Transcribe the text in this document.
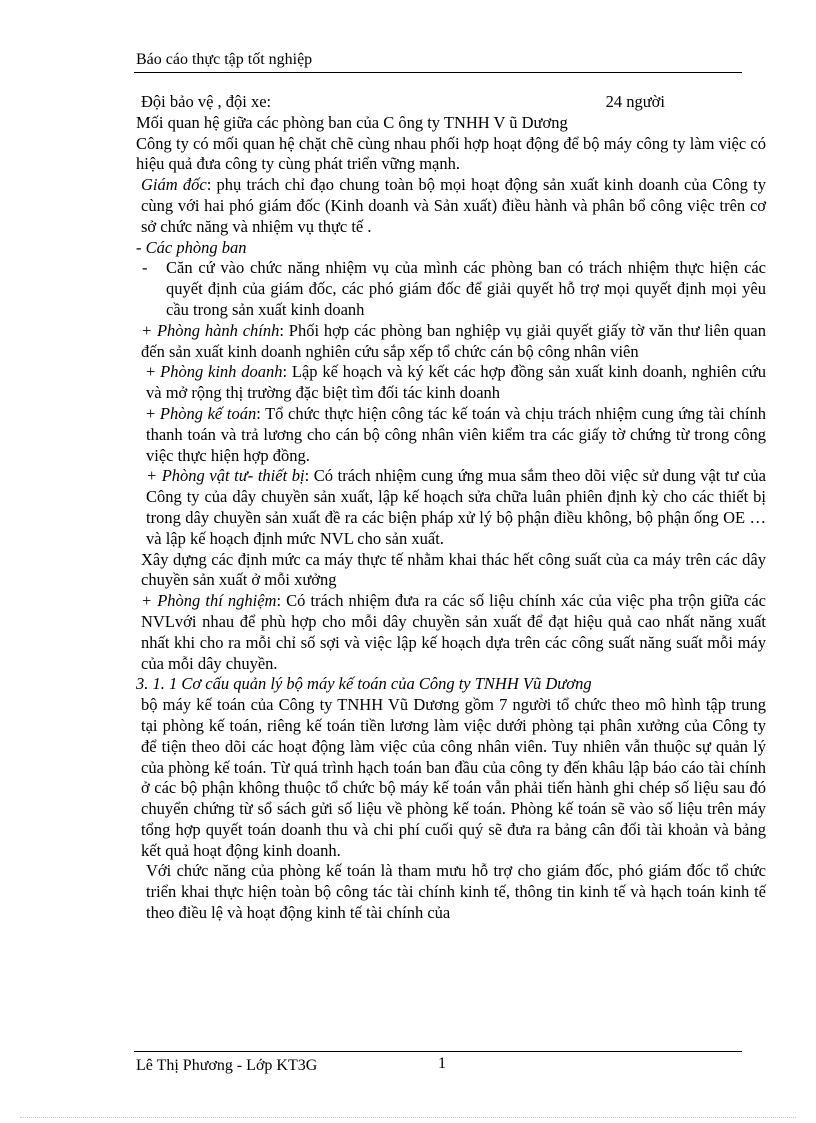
Báo cáo thực tập tốt nghiệp

Đội bảo vệ , đội xe:	24 người

Mối quan hệ giữa các phòng ban của C ông ty TNHH V ũ Dương

Công ty có mối quan hệ chặt chẽ cùng nhau phối hợp hoạt động để bộ máy công ty làm việc có hiệu quả đưa công ty cùng phát triển vững mạnh.

Giám đốc: phụ trách chỉ đạo chung toàn bộ mọi hoạt động sản xuất kinh doanh của Công ty cùng với hai phó giám đốc (Kinh doanh và Sản xuất) điều hành và phân bổ công việc trên cơ sở chức năng và nhiệm vụ thực tế .

- Các phòng ban

-	Căn cứ vào chức năng nhiệm vụ của mình các phòng ban có trách nhiệm thực hiện các quyết định của giám đốc, các phó giám đốc để giải quyết hỗ trợ mọi quyết định mọi yêu cầu trong sản xuất kinh doanh

+ Phòng hành chính: Phối hợp các phòng ban nghiệp vụ giải quyết giấy tờ văn thư liên quan đến sản xuất kinh doanh nghiên cứu sắp xếp tổ chức cán bộ công nhân viên

+ Phòng kinh doanh: Lập kế hoạch và ký kết các hợp đồng sản xuất kinh doanh, nghiên cứu và mở rộng thị trường đặc biệt tìm đối tác kinh doanh

+ Phòng kế toán: Tổ chức thực hiện công tác kế toán và chịu trách nhiệm cung ứng tài chính thanh toán và trả lương cho cán bộ công nhân viên kiểm tra các giấy tờ chứng từ trong công việc thực hiện hợp đồng.

+ Phòng vật tư- thiết bị: Có trách nhiệm cung ứng mua sắm theo dõi việc sử dung vật tư của Công ty của dây chuyền sản xuất, lập kế hoạch sửa chữa luân phiên định kỳ cho các thiết bị trong dây chuyền sản xuất đề ra các biện pháp xử lý bộ phận điều không, bộ phận ống OE …và lập kế hoạch định mức NVL cho sản xuất.

Xây dựng các định mức ca máy thực tế nhằm khai thác hết công suất của ca máy trên các dây chuyền sản xuất ở mỗi xưởng

+ Phòng thí nghiệm: Có trách nhiệm đưa ra các số liệu chính xác của việc pha trộn giữa các NVLvới nhau để phù hợp cho mỗi dây chuyền sản xuất để đạt hiệu quả cao nhất năng xuất nhất khi cho ra mỗi chỉ số sợi và việc lập kế hoạch dựa trên các công suất năng suất mỗi máy của mỗi dây chuyền.

3. 1. 1 Cơ cấu quản lý bộ máy kế toán của Công ty TNHH Vũ Dương

bộ máy kế toán của Công ty TNHH Vũ Dương gồm 7 người tổ chức theo mô hình tập trung tại phòng kế toán, riêng kế toán tiền lương làm việc dưới phòng tại phân xưởng của Công ty để tiện theo dõi các hoạt động làm việc của công nhân viên. Tuy nhiên vẫn thuộc sự quản lý của phòng kế toán. Từ quá trình hạch toán ban đầu của công ty đến khâu lập báo cáo tài chính ở các bộ phận không thuộc tổ chức bộ máy kế toán vẫn phải tiến hành ghi chép số liệu sau đó chuyển chứng từ sổ sách gửi số liệu về phòng kế toán. Phòng kế toán sẽ vào số liệu trên máy tổng hợp quyết toán doanh thu và chi phí cuối quý sẽ đưa ra bảng cân đối tài khoản và bảng kết quả hoạt động kinh doanh.

Với chức năng của phòng kế toán là tham mưu hỗ trợ cho giám đốc, phó giám đốc tổ chức triển khai thực hiện toàn bộ công tác tài chính kinh tế, thông tin kinh tế và hạch toán kinh tế theo điều lệ và hoạt động kinh tế tài chính của

Lê Thị Phương - Lớp KT3G	1
